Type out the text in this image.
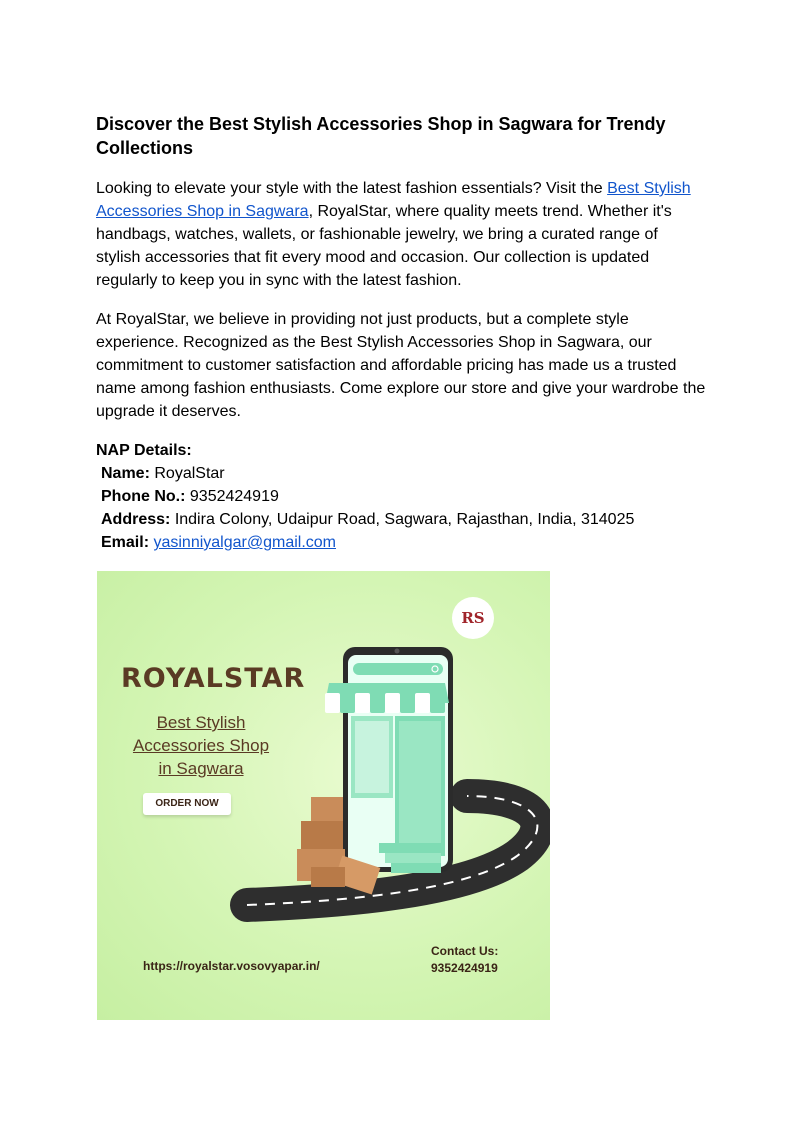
Discover the Best Stylish Accessories Shop in Sagwara for Trendy Collections

Looking to elevate your style with the latest fashion essentials? Visit the Best Stylish Accessories Shop in Sagwara, RoyalStar, where quality meets trend. Whether it's handbags, watches, wallets, or fashionable jewelry, we bring a curated range of stylish accessories that fit every mood and occasion. Our collection is updated regularly to keep you in sync with the latest fashion.

At RoyalStar, we believe in providing not just products, but a complete style experience. Recognized as the Best Stylish Accessories Shop in Sagwara, our commitment to customer satisfaction and affordable pricing has made us a trusted name among fashion enthusiasts. Come explore our store and give your wardrobe the upgrade it deserves.

NAP Details:
Name: RoyalStar
Phone No.: 9352424919
Address: Indira Colony, Udaipur Road, Sagwara, Rajasthan, India, 314025
Email: yasinniyalgar@gmail.com
RS
ROYALSTAR
Best Stylish
Accessories Shop
in Sagwara
ORDER NOW
https://royalstar.vosovyapar.in/
Contact Us:
9352424919
